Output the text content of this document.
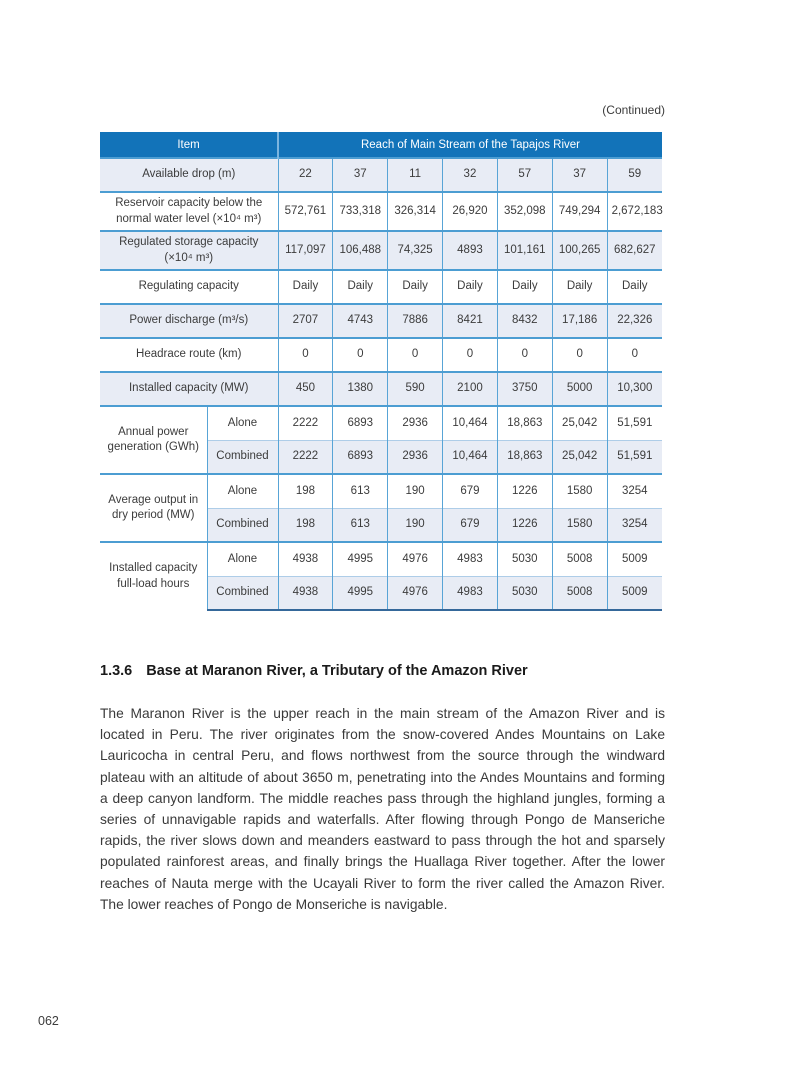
(Continued)
Item		Reach of Main Stream of the Tapajos River						
Available drop (m)		22	37	11	32	57	37	59
Reservoir capacity below the normal water level (×10⁴ m³)		572,761	733,318	326,314	26,920	352,098	749,294	2,672,183
Regulated storage capacity (×10⁴ m³)		117,097	106,488	74,325	4893	101,161	100,265	682,627
Regulating capacity		Daily	Daily	Daily	Daily	Daily	Daily	Daily
Power discharge (m³/s)		2707	4743	7886	8421	8432	17,186	22,326
Headrace route (km)		0	0	0	0	0	0	0
Installed capacity (MW)		450	1380	590	2100	3750	5000	10,300
Annual power generation (GWh)	Alone	2222	6893	2936	10,464	18,863	25,042	51,591
	Combined	2222	6893	2936	10,464	18,863	25,042	51,591
Average output in dry period (MW)	Alone	198	613	190	679	1226	1580	3254
	Combined	198	613	190	679	1226	1580	3254
Installed capacity full-load hours	Alone	4938	4995	4976	4983	5030	5008	5009
	Combined	4938	4995	4976	4983	5030	5008	5009
1.3.6 Base at Maranon River, a Tributary of the Amazon River

The Maranon River is the upper reach in the main stream of the Amazon River and is located in Peru. The river originates from the snow-covered Andes Mountains on Lake Lauricocha in central Peru, and flows northwest from the source through the windward plateau with an altitude of about 3650 m, penetrating into the Andes Mountains and forming a deep canyon landform. The middle reaches pass through the highland jungles, forming a series of unnavigable rapids and waterfalls. After flowing through Pongo de Manseriche rapids, the river slows down and meanders eastward to pass through the hot and sparsely populated rainforest areas, and finally brings the Huallaga River together. After the lower reaches of Nauta merge with the Ucayali River to form the river called the Amazon River. The lower reaches of Pongo de Monseriche is navigable.

062
